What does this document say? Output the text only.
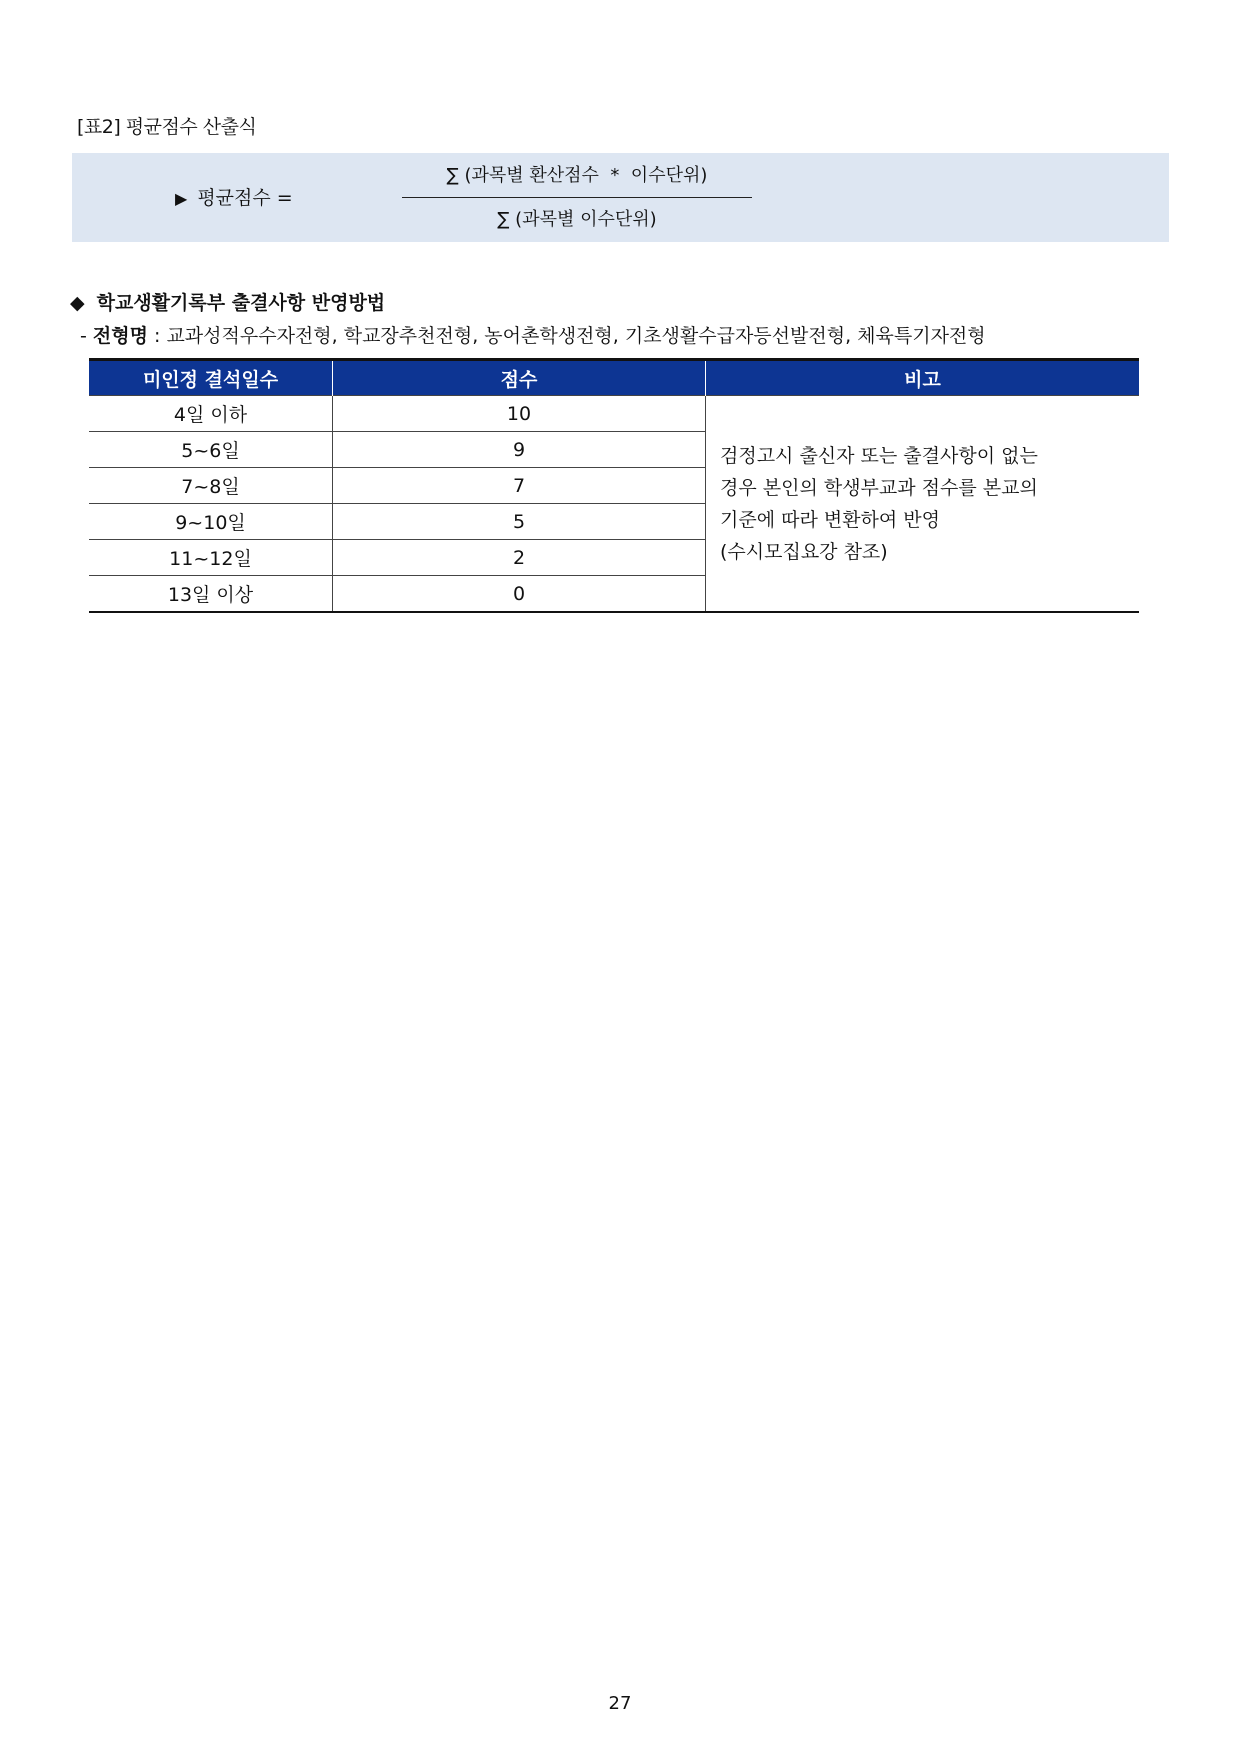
[표2] 평균점수 산출식
▶ 평균점수 =
∑ (과목별 환산점수  *  이수단위)
∑ (과목별 이수단위)
◆ 학교생활기록부 출결사항 반영방법
- 전형명 : 교과성적우수자전형, 학교장추천전형, 농어촌학생전형, 기초생활수급자등선발전형, 체육특기자전형
미인정 결석일수	점수	비고
4일 이하	10	검정고시 출신자 또는 출결사항이 없는
경우 본인의 학생부교과 점수를 본교의
기준에 따라 변환하여 반영
(수시모집요강 참조)

5~6일	9	
7~8일	7	
9~10일	5	
11~12일	2	
13일 이상	0	
27
